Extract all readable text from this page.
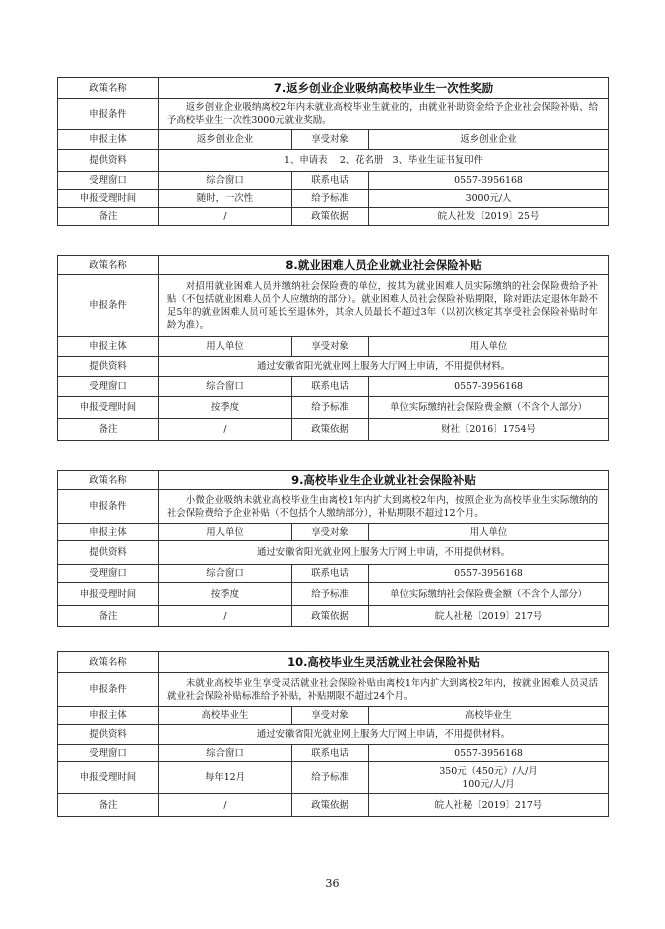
政策名称	7.返乡创业企业吸纳高校毕业生一次性奖励		
申报条件	返乡创业企业吸纳离校2年内未就业高校毕业生就业的，由就业补助资金给予企业社会保险补贴、给予高校毕业生一次性3000元就业奖励。		
申报主体	返乡创业企业	享受对象	返乡创业企业
提供资料	1、申请表　 2、花名册　3、毕业生证书复印件		
受理窗口	综合窗口	联系电话	0557-3956168
申报受理时间	随时，一次性	给予标准	3000元/人

备注	/	政策依据	皖人社发〔2019〕25号
政策名称	8.就业困难人员企业就业社会保险补贴		
申报条件	对招用就业困难人员并缴纳社会保险费的单位，按其为就业困难人员实际缴纳的社会保险费给予补贴（不包括就业困难人员个人应缴纳的部分）。就业困难人员社会保险补贴期限，除对距法定退休年龄不足5年的就业困难人员可延长至退休外，其余人员最长不超过3年（以初次核定其享受社会保险补贴时年龄为准）。		
申报主体	用人单位	享受对象	用人单位
提供资料	通过安徽省阳光就业网上服务大厅网上申请，不用提供材料。		
受理窗口	综合窗口	联系电话	0557-3956168
申报受理时间	按季度	给予标准	单位实际缴纳社会保险费金额（不含个人部分）

备注	/	政策依据	财社〔2016〕1754号
政策名称	9.高校毕业生企业就业社会保险补贴		
申报条件	小微企业吸纳未就业高校毕业生由离校1年内扩大到离校2年内，按照企业为高校毕业生实际缴纳的社会保险费给予企业补贴（不包括个人缴纳部分），补贴期限不超过12个月。		
申报主体	用人单位	享受对象	用人单位
提供资料	通过安徽省阳光就业网上服务大厅网上申请，不用提供材料。		
受理窗口	综合窗口	联系电话	0557-3956168
申报受理时间	按季度	给予标准	单位实际缴纳社会保险费金额（不含个人部分）

备注	/	政策依据	皖人社秘〔2019〕217号
政策名称	10.高校毕业生灵活就业社会保险补贴		
申报条件	未就业高校毕业生享受灵活就业社会保险补贴由离校1年内扩大到离校2年内，按就业困难人员灵活就业社会保险补贴标准给予补贴，补贴期限不超过24个月。		
申报主体	高校毕业生	享受对象	高校毕业生
提供资料	通过安徽省阳光就业网上服务大厅网上申请，不用提供材料。		
受理窗口	综合窗口	联系电话	0557-3956168
申报受理时间	每年12月	给予标准	350元（450元）/人/月
100元/人/月

备注	/	政策依据	皖人社秘〔2019〕217号
36
